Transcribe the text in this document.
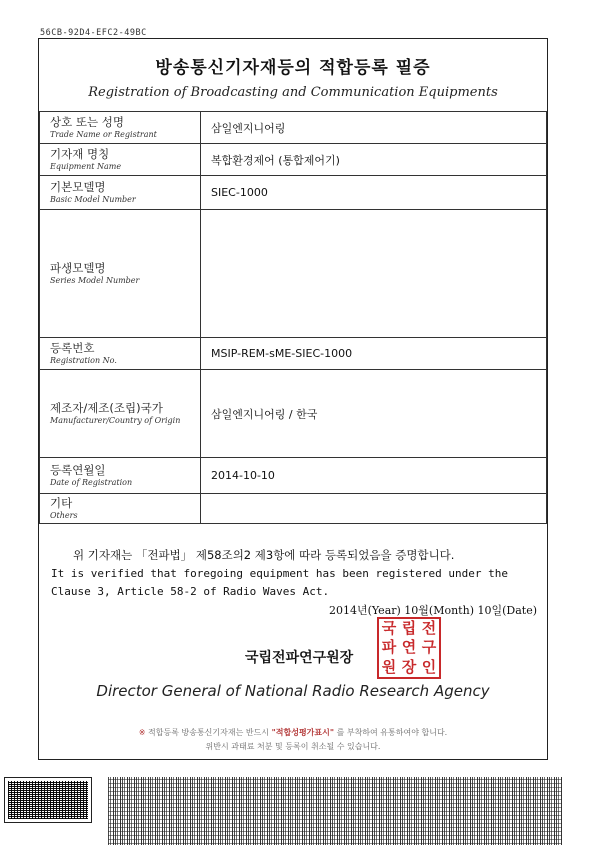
56CB-92D4-EFC2-49BC
방송통신기자재등의 적합등록 필증
Registration of Broadcasting and Communication Equipments
상호 또는 성명
Trade Name or Registrant	삼일엔지니어링

기자재 명칭
Equipment Name	복합환경제어 (통합제어기)

기본모델명
Basic Model Number	SIEC-1000

파생모델명
Series Model Number	

등록번호
Registration No.	MSIP-REM-sME-SIEC-1000

제조자/제조(조립)국가
Manufacturer/Country of Origin	삼일엔지니어링 / 한국

등록연월일
Date of Registration	2014-10-10

기타
Others	

위 기자재는 「전파법」 제58조의2 제3항에 따라 등록되었음을 증명합니다.
It is verified that foregoing equipment has been registered under the Clause 3, Article 58-2 of Radio Waves Act.
2014년(Year) 10월(Month) 10일(Date)
국립전파연구원장
국 립 전
파 연 구
원 장 인
Director General of National Radio Research Agency
※ 적합등록 방송통신기자재는 반드시 "적합성평가표시" 를 부착하여 유통하여야 합니다.
위반시 과태료 처분 및 등록이 취소될 수 있습니다.
